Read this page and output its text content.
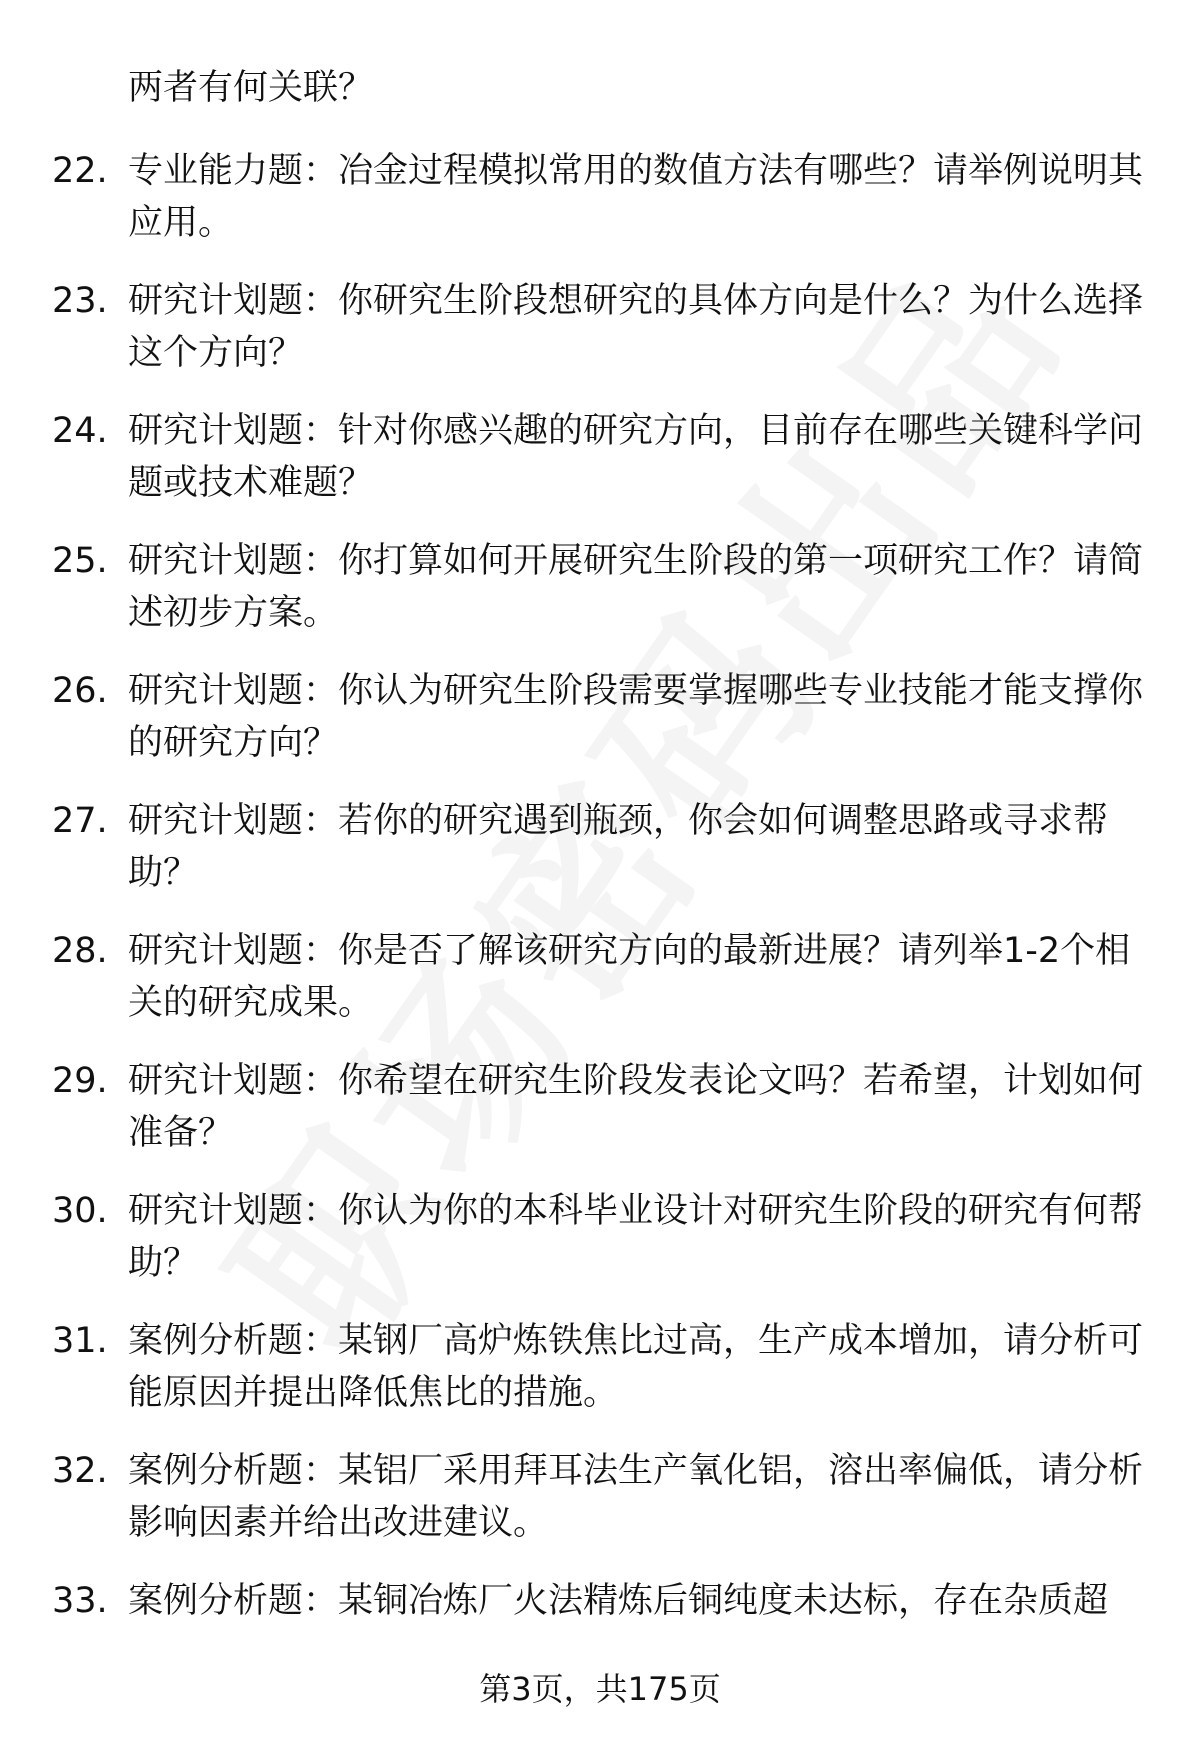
两者有何关联？
22. 专业能力题：冶金过程模拟常用的数值方法有哪些？请举例说明其应用。
23. 研究计划题：你研究生阶段想研究的具体方向是什么？为什么选择这个方向？
24. 研究计划题：针对你感兴趣的研究方向，目前存在哪些关键科学问题或技术难题？
25. 研究计划题：你打算如何开展研究生阶段的第一项研究工作？请简述初步方案。
26. 研究计划题：你认为研究生阶段需要掌握哪些专业技能才能支撑你的研究方向？
27. 研究计划题：若你的研究遇到瓶颈，你会如何调整思路或寻求帮助？
28. 研究计划题：你是否了解该研究方向的最新进展？请列举1-2个相关的研究成果。
29. 研究计划题：你希望在研究生阶段发表论文吗？若希望，计划如何准备？
30. 研究计划题：你认为你的本科毕业设计对研究生阶段的研究有何帮助？
31. 案例分析题：某钢厂高炉炼铁焦比过高，生产成本增加，请分析可能原因并提出降低焦比的措施。
32. 案例分析题：某铝厂采用拜耳法生产氧化铝，溶出率偏低，请分析影响因素并给出改进建议。
33. 案例分析题：某铜冶炼厂火法精炼后铜纯度未达标，存在杂质超
第3页，共175页
